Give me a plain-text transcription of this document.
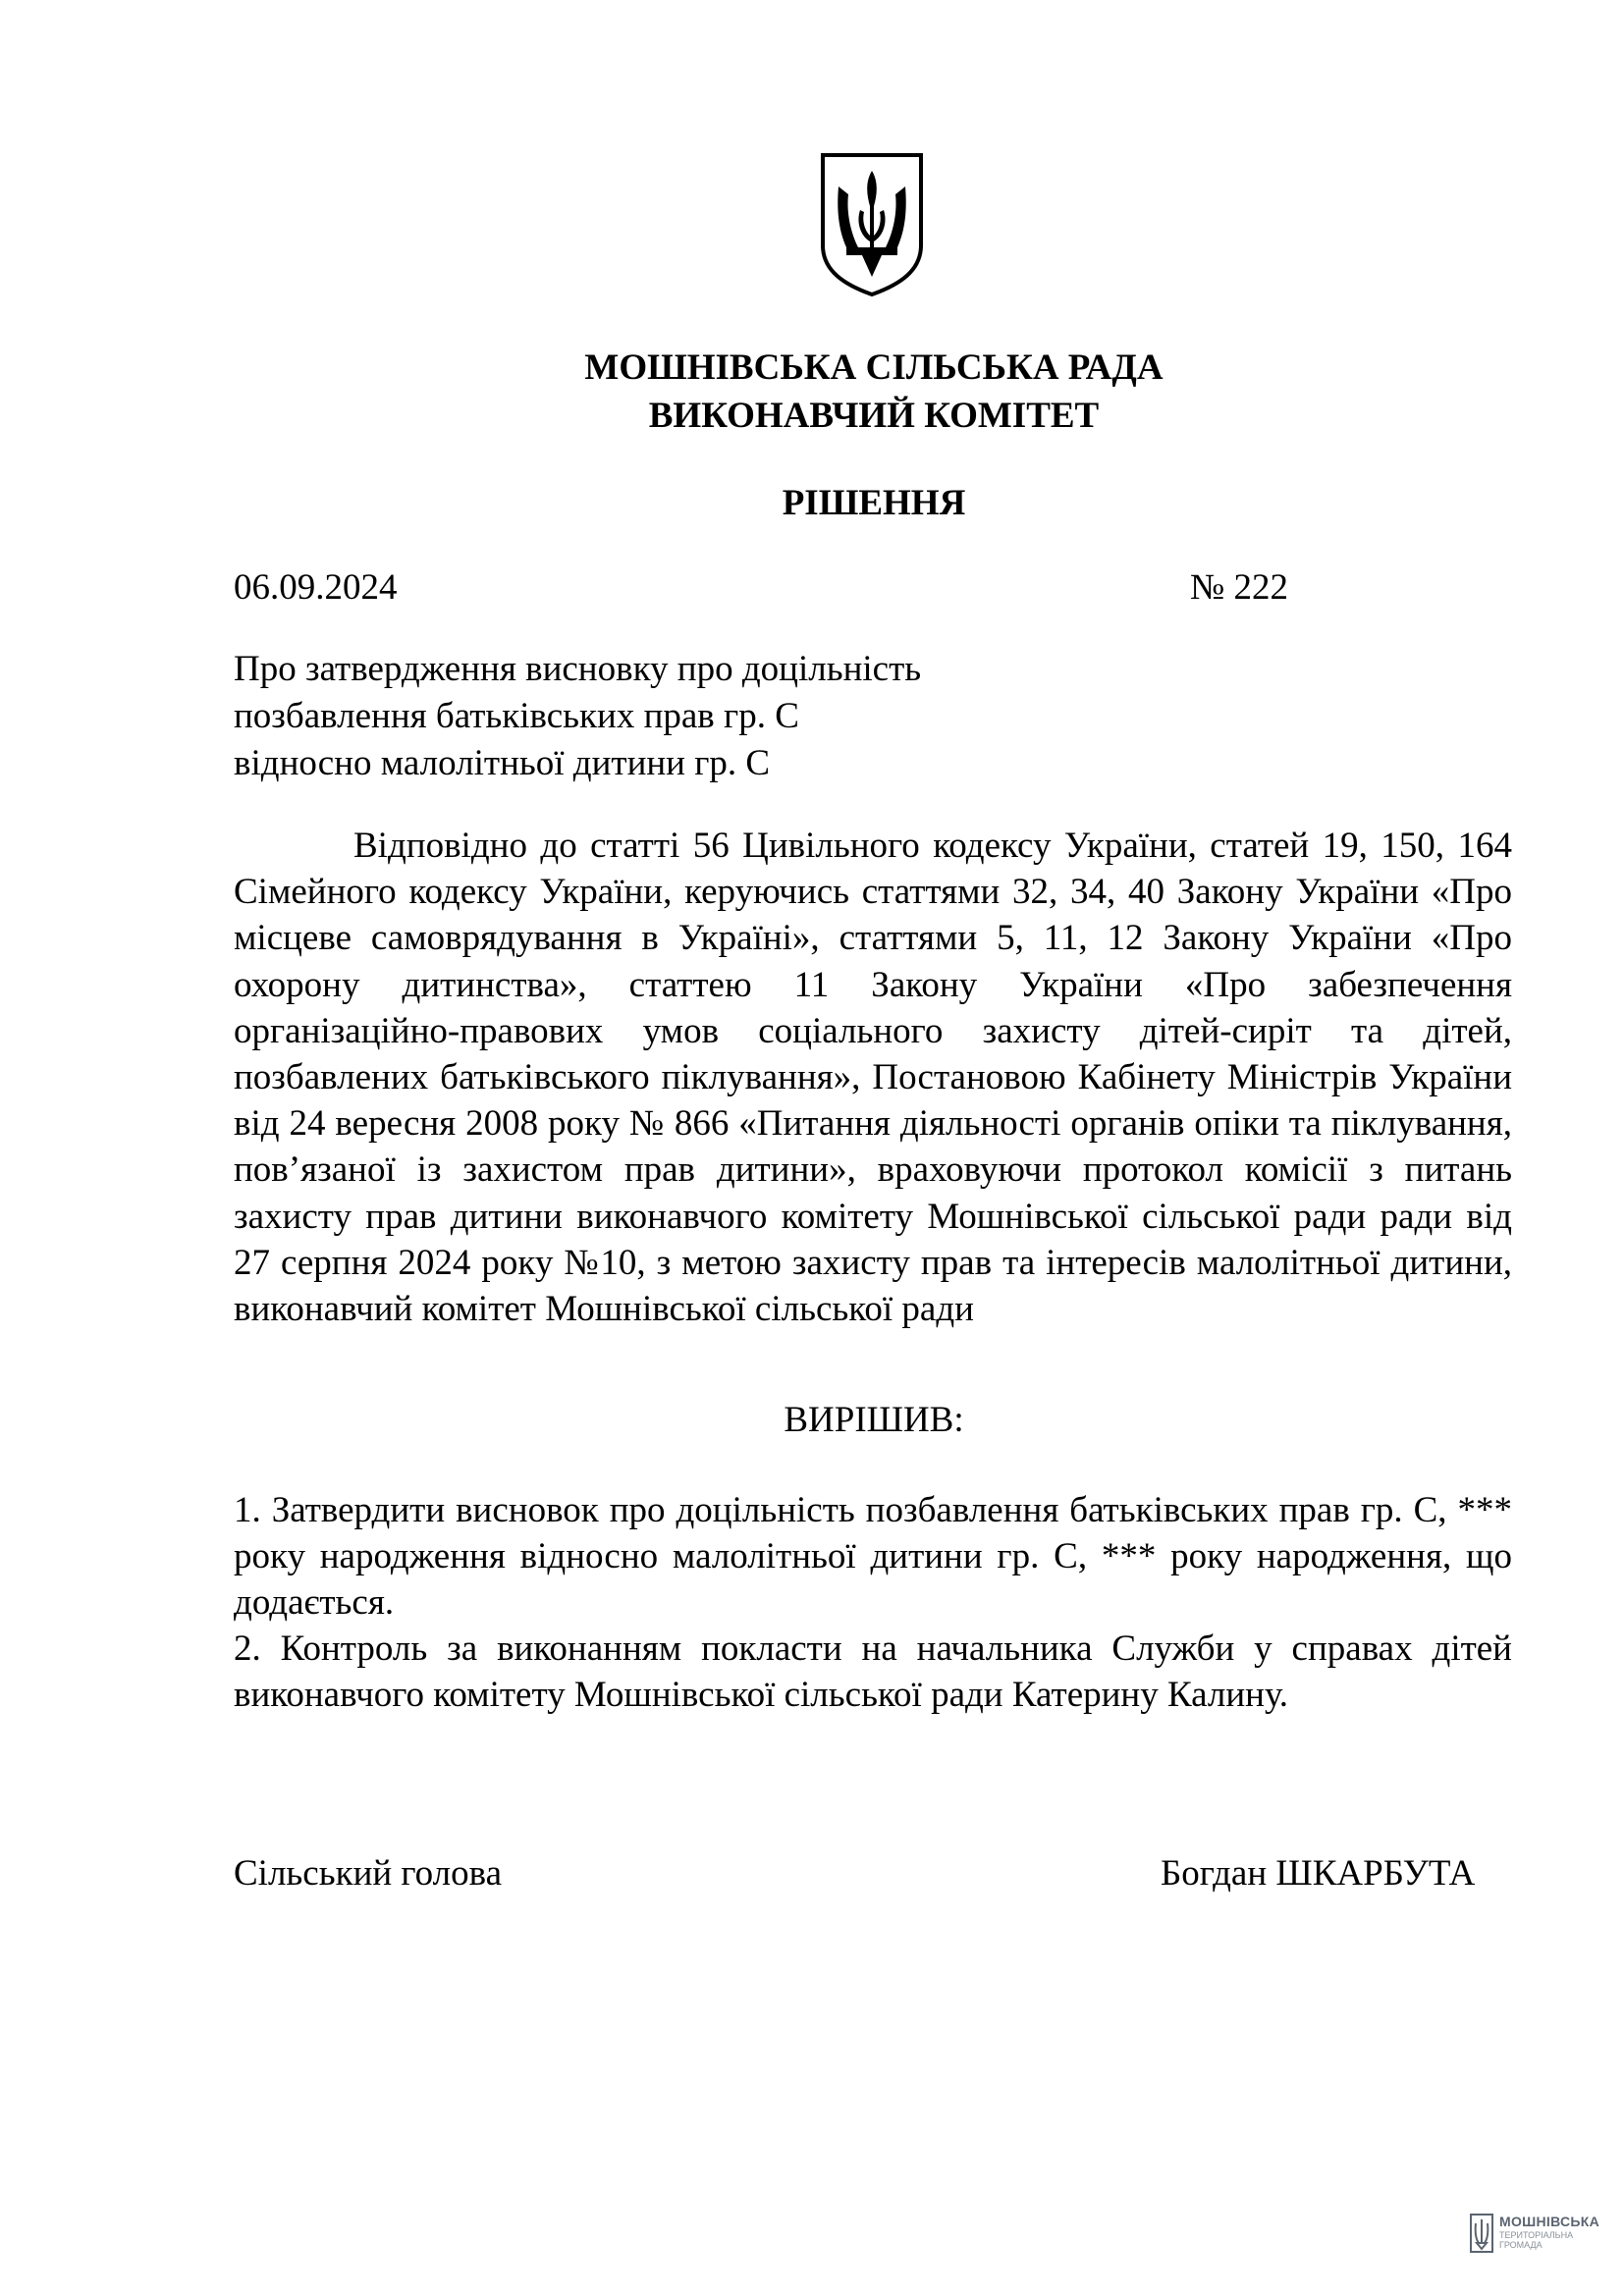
МОШНІВСЬКА СІЛЬСЬКА РАДА
ВИКОНАВЧИЙ КОМІТЕТ
РІШЕННЯ
06.09.2024	№ 222
Про затвердження висновку про доцільність
позбавлення батьківських прав гр. С
відносно малолітньої дитини гр. С
Відповідно до статті 56 Цивільного кодексу України, статей 19, 150, 164 Сімейного кодексу України, керуючись статтями 32, 34, 40 Закону України «Про місцеве самоврядування в Україні», статтями 5, 11, 12 Закону України «Про охорону дитинства», статтею 11 Закону України «Про забезпечення організаційно-правових умов соціального захисту дітей-сиріт та дітей, позбавлених батьківського піклування», Постановою Кабінету Міністрів України від 24 вересня 2008 року № 866 «Питання діяльності органів опіки та піклування, пов’язаної із захистом прав дитини», враховуючи протокол комісії з питань захисту прав дитини виконавчого комітету Мошнівської сільської ради ради від 27 серпня 2024 року №10, з метою захисту прав та інтересів малолітньої дитини, виконавчий комітет Мошнівської сільської ради
ВИРІШИВ:

1. Затвердити висновок про доцільність позбавлення батьківських прав гр. С, *** року народження відносно малолітньої дитини гр. С, *** року народження, що додається.

2. Контроль за виконанням покласти на начальника Служби у справах дітей виконавчого комітету Мошнівської сільської ради Катерину Калину.

Сільський голова	Богдан ШКАРБУТА
МОШНІВСЬКА
ТЕРИТОРІАЛЬНА
ГРОМАДА
